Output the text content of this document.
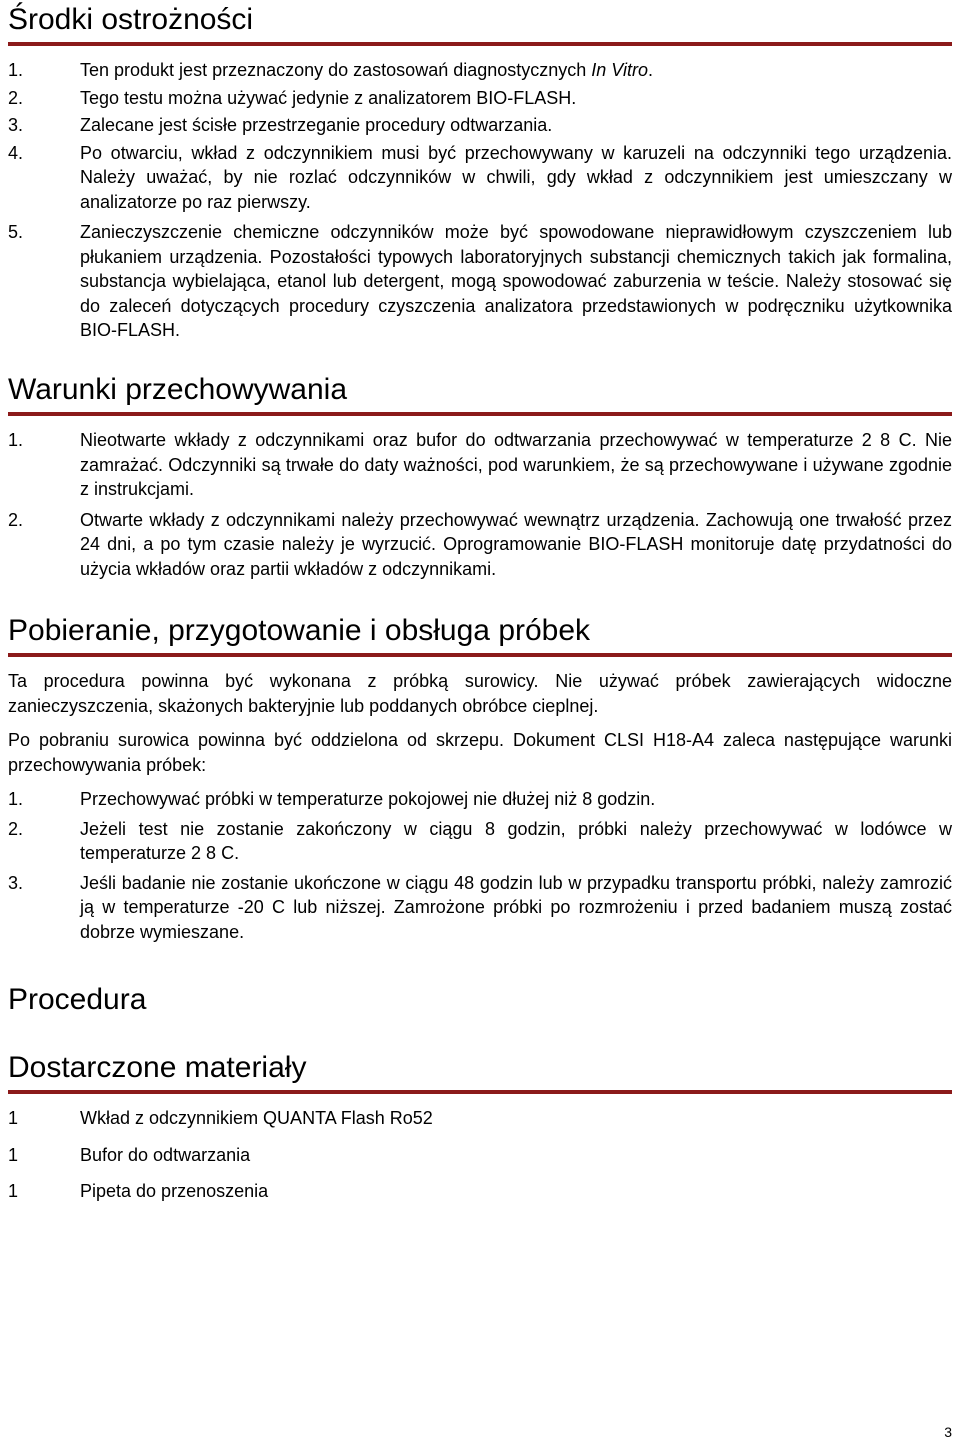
Środki ostrożności
1.	Ten produkt jest przeznaczony do zastosowań diagnostycznych In Vitro.
2.	Tego testu można używać jedynie z analizatorem BIO-FLASH.
3.	Zalecane jest ścisłe przestrzeganie procedury odtwarzania.
4.	Po otwarciu, wkład z odczynnikiem musi być przechowywany w karuzeli na odczynniki tego urządzenia. Należy uważać, by nie rozlać odczynników w chwili, gdy wkład z odczynnikiem jest umieszczany w analizatorze po raz pierwszy.
5.	Zanieczyszczenie chemiczne odczynników może być spowodowane nieprawidłowym czyszczeniem lub płukaniem urządzenia. Pozostałości typowych laboratoryjnych substancji chemicznych takich jak formalina, substancja wybielająca, etanol lub detergent, mogą spowodować zaburzenia w teście. Należy stosować się do zaleceń dotyczących procedury czyszczenia analizatora przedstawionych w podręczniku użytkownika BIO-FLASH.
Warunki przechowywania
1.	Nieotwarte wkłady z odczynnikami oraz bufor do odtwarzania przechowywać w temperaturze 2 8 C. Nie zamrażać. Odczynniki są trwałe do daty ważności, pod warunkiem, że są przechowywane i używane zgodnie z instrukcjami.
2.	Otwarte wkłady z odczynnikami należy przechowywać wewnątrz urządzenia. Zachowują one trwałość przez 24 dni, a po tym czasie należy je wyrzucić. Oprogramowanie BIO-FLASH monitoruje datę przydatności do użycia wkładów oraz partii wkładów z odczynnikami.
Pobieranie, przygotowanie i obsługa próbek

Ta procedura powinna być wykonana z próbką surowicy. Nie używać próbek zawierających widoczne zanieczyszczenia, skażonych bakteryjnie lub poddanych obróbce cieplnej.

Po pobraniu surowica powinna być oddzielona od skrzepu. Dokument CLSI H18-A4 zaleca następujące warunki przechowywania próbek:

1.	Przechowywać próbki w temperaturze pokojowej nie dłużej niż 8 godzin.
2.	Jeżeli test nie zostanie zakończony w ciągu 8 godzin, próbki należy przechowywać w lodówce w temperaturze 2 8 C.
3.	Jeśli badanie nie zostanie ukończone w ciągu 48 godzin lub w przypadku transportu próbki, należy zamrozić ją w temperaturze -20 C lub niższej. Zamrożone próbki po rozmrożeniu i przed badaniem muszą zostać dobrze wymieszane.
Procedura
Dostarczone materiały
1	Wkład z odczynnikiem QUANTA Flash Ro52
1	Bufor do odtwarzania
1	Pipeta do przenoszenia
3
